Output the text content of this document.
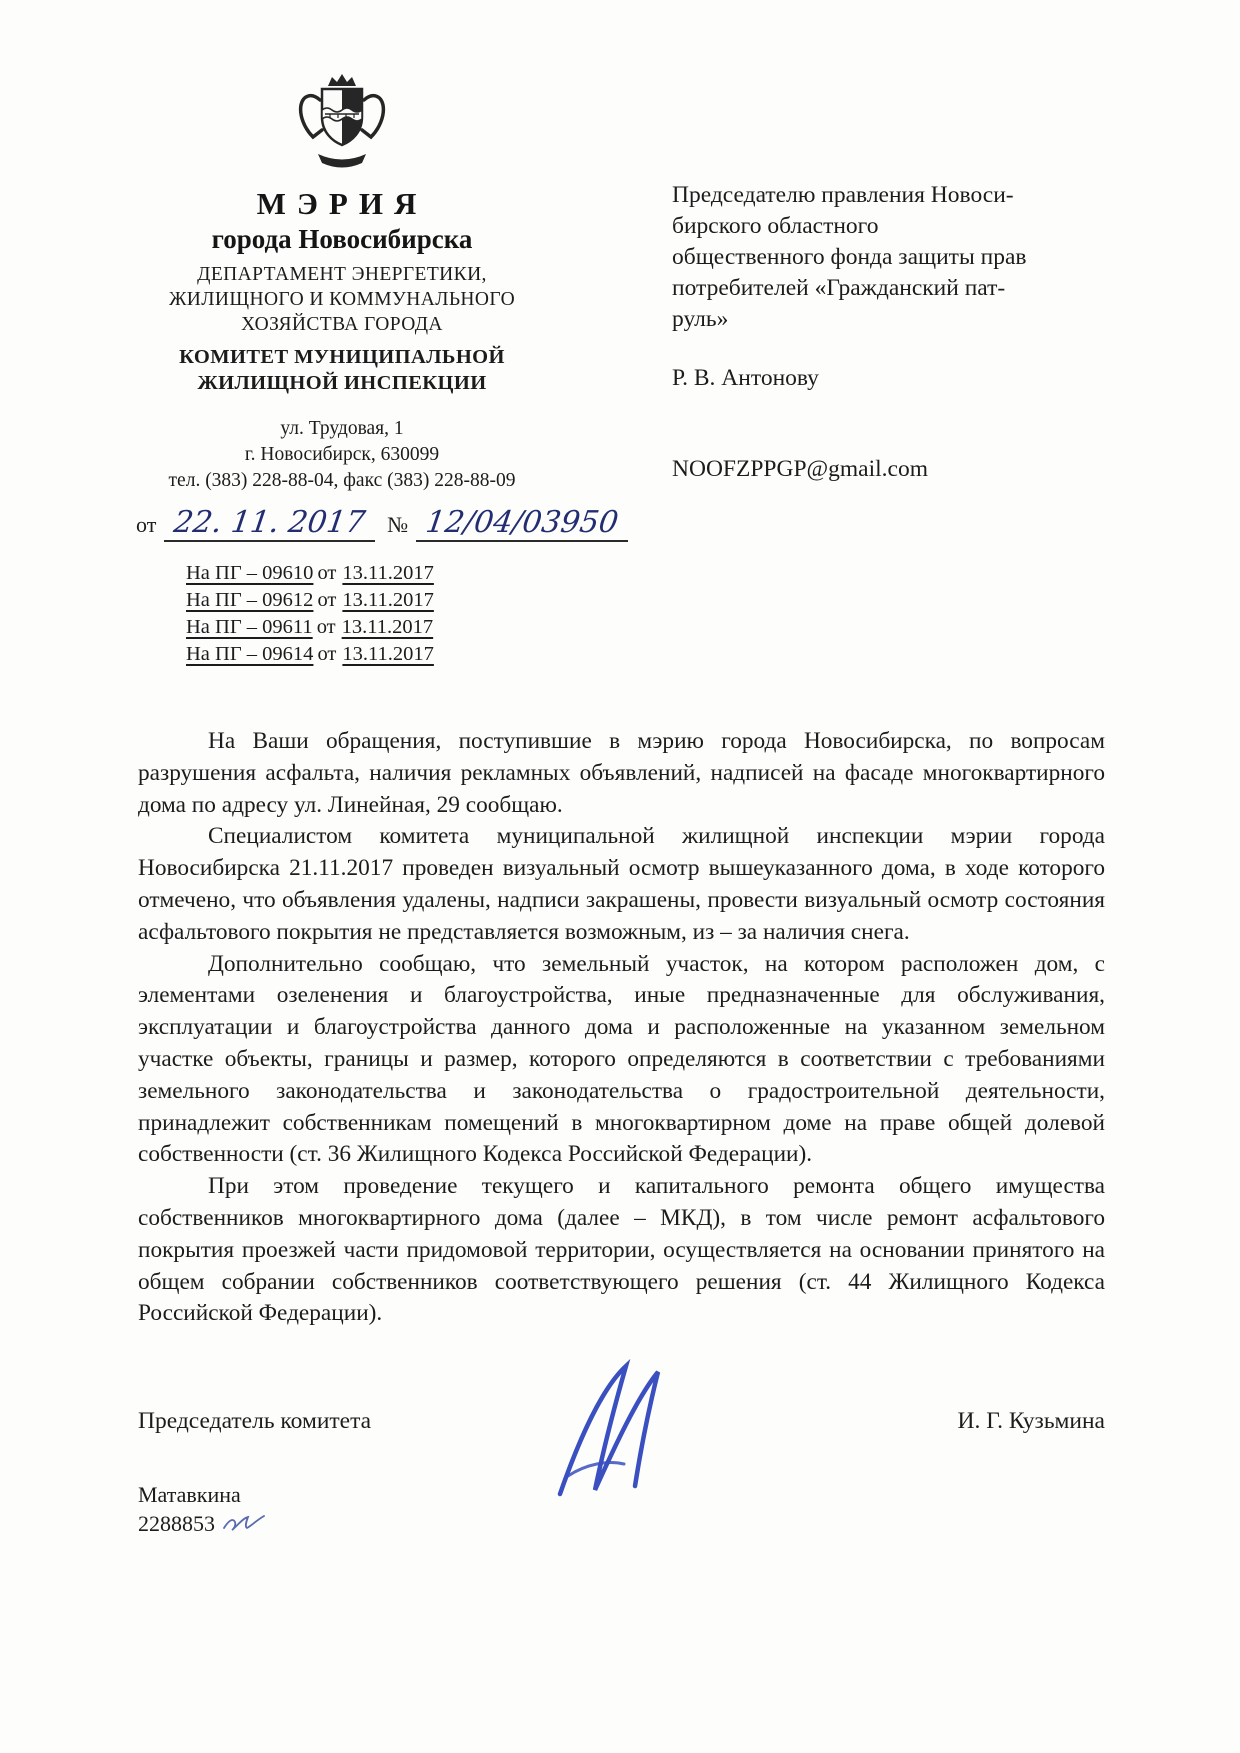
МЭРИЯ
города Новосибирска
ДЕПАРТАМЕНТ ЭНЕРГЕТИКИ,
ЖИЛИЩНОГО И КОММУНАЛЬНОГО
ХОЗЯЙСТВА ГОРОДА
КОМИТЕТ МУНИЦИПАЛЬНОЙ
ЖИЛИЩНОЙ ИНСПЕКЦИИ
ул. Трудовая, 1
г. Новосибирск, 630099
тел. (383) 228-88-04, факс (383) 228-88-09
от 22. 11. 2017 № 12/04/03950
На ПГ – 09610 от 13.11.2017
На ПГ – 09612 от 13.11.2017
На ПГ – 09611 от 13.11.2017
На ПГ – 09614 от 13.11.2017
Председателю правления Новоси-
бирского областного
общественного фонда защиты прав
потребителей «Гражданский пат-
руль»
Р. В. Антонову
NOOFZPPGP@gmail.com

На Ваши обращения, поступившие в мэрию города Новосибирска, по вопросам разрушения асфальта, наличия рекламных объявлений, надписей на фасаде многоквартирного дома по адресу ул. Линейная, 29 сообщаю.

Специалистом комитета муниципальной жилищной инспекции мэрии города Новосибирска 21.11.2017 проведен визуальный осмотр вышеуказанного дома, в ходе которого отмечено, что объявления удалены, надписи закрашены, провести визуальный осмотр состояния асфальтового покрытия не представляется возможным, из – за наличия снега.

Дополнительно сообщаю, что земельный участок, на котором расположен дом, с элементами озеленения и благоустройства, иные предназначенные для обслуживания, эксплуатации и благоустройства данного дома и расположенные на указанном земельном участке объекты, границы и размер, которого определяются в соответствии с требованиями земельного законодательства и законодательства о градостроительной деятельности, принадлежит собственникам помещений в многоквартирном доме на праве общей долевой собственности (ст. 36 Жилищного Кодекса Российской Федерации).

При этом проведение текущего и капитального ремонта общего имущества собственников многоквартирного дома (далее – МКД), в том числе ремонт асфальтового покрытия проезжей части придомовой территории, осуществляется на основании принятого на общем собрании собственников соответствующего решения (ст. 44 Жилищного Кодекса Российской Федерации).

Председатель комитета	И. Г. Кузьмина
Матавкина
2288853
